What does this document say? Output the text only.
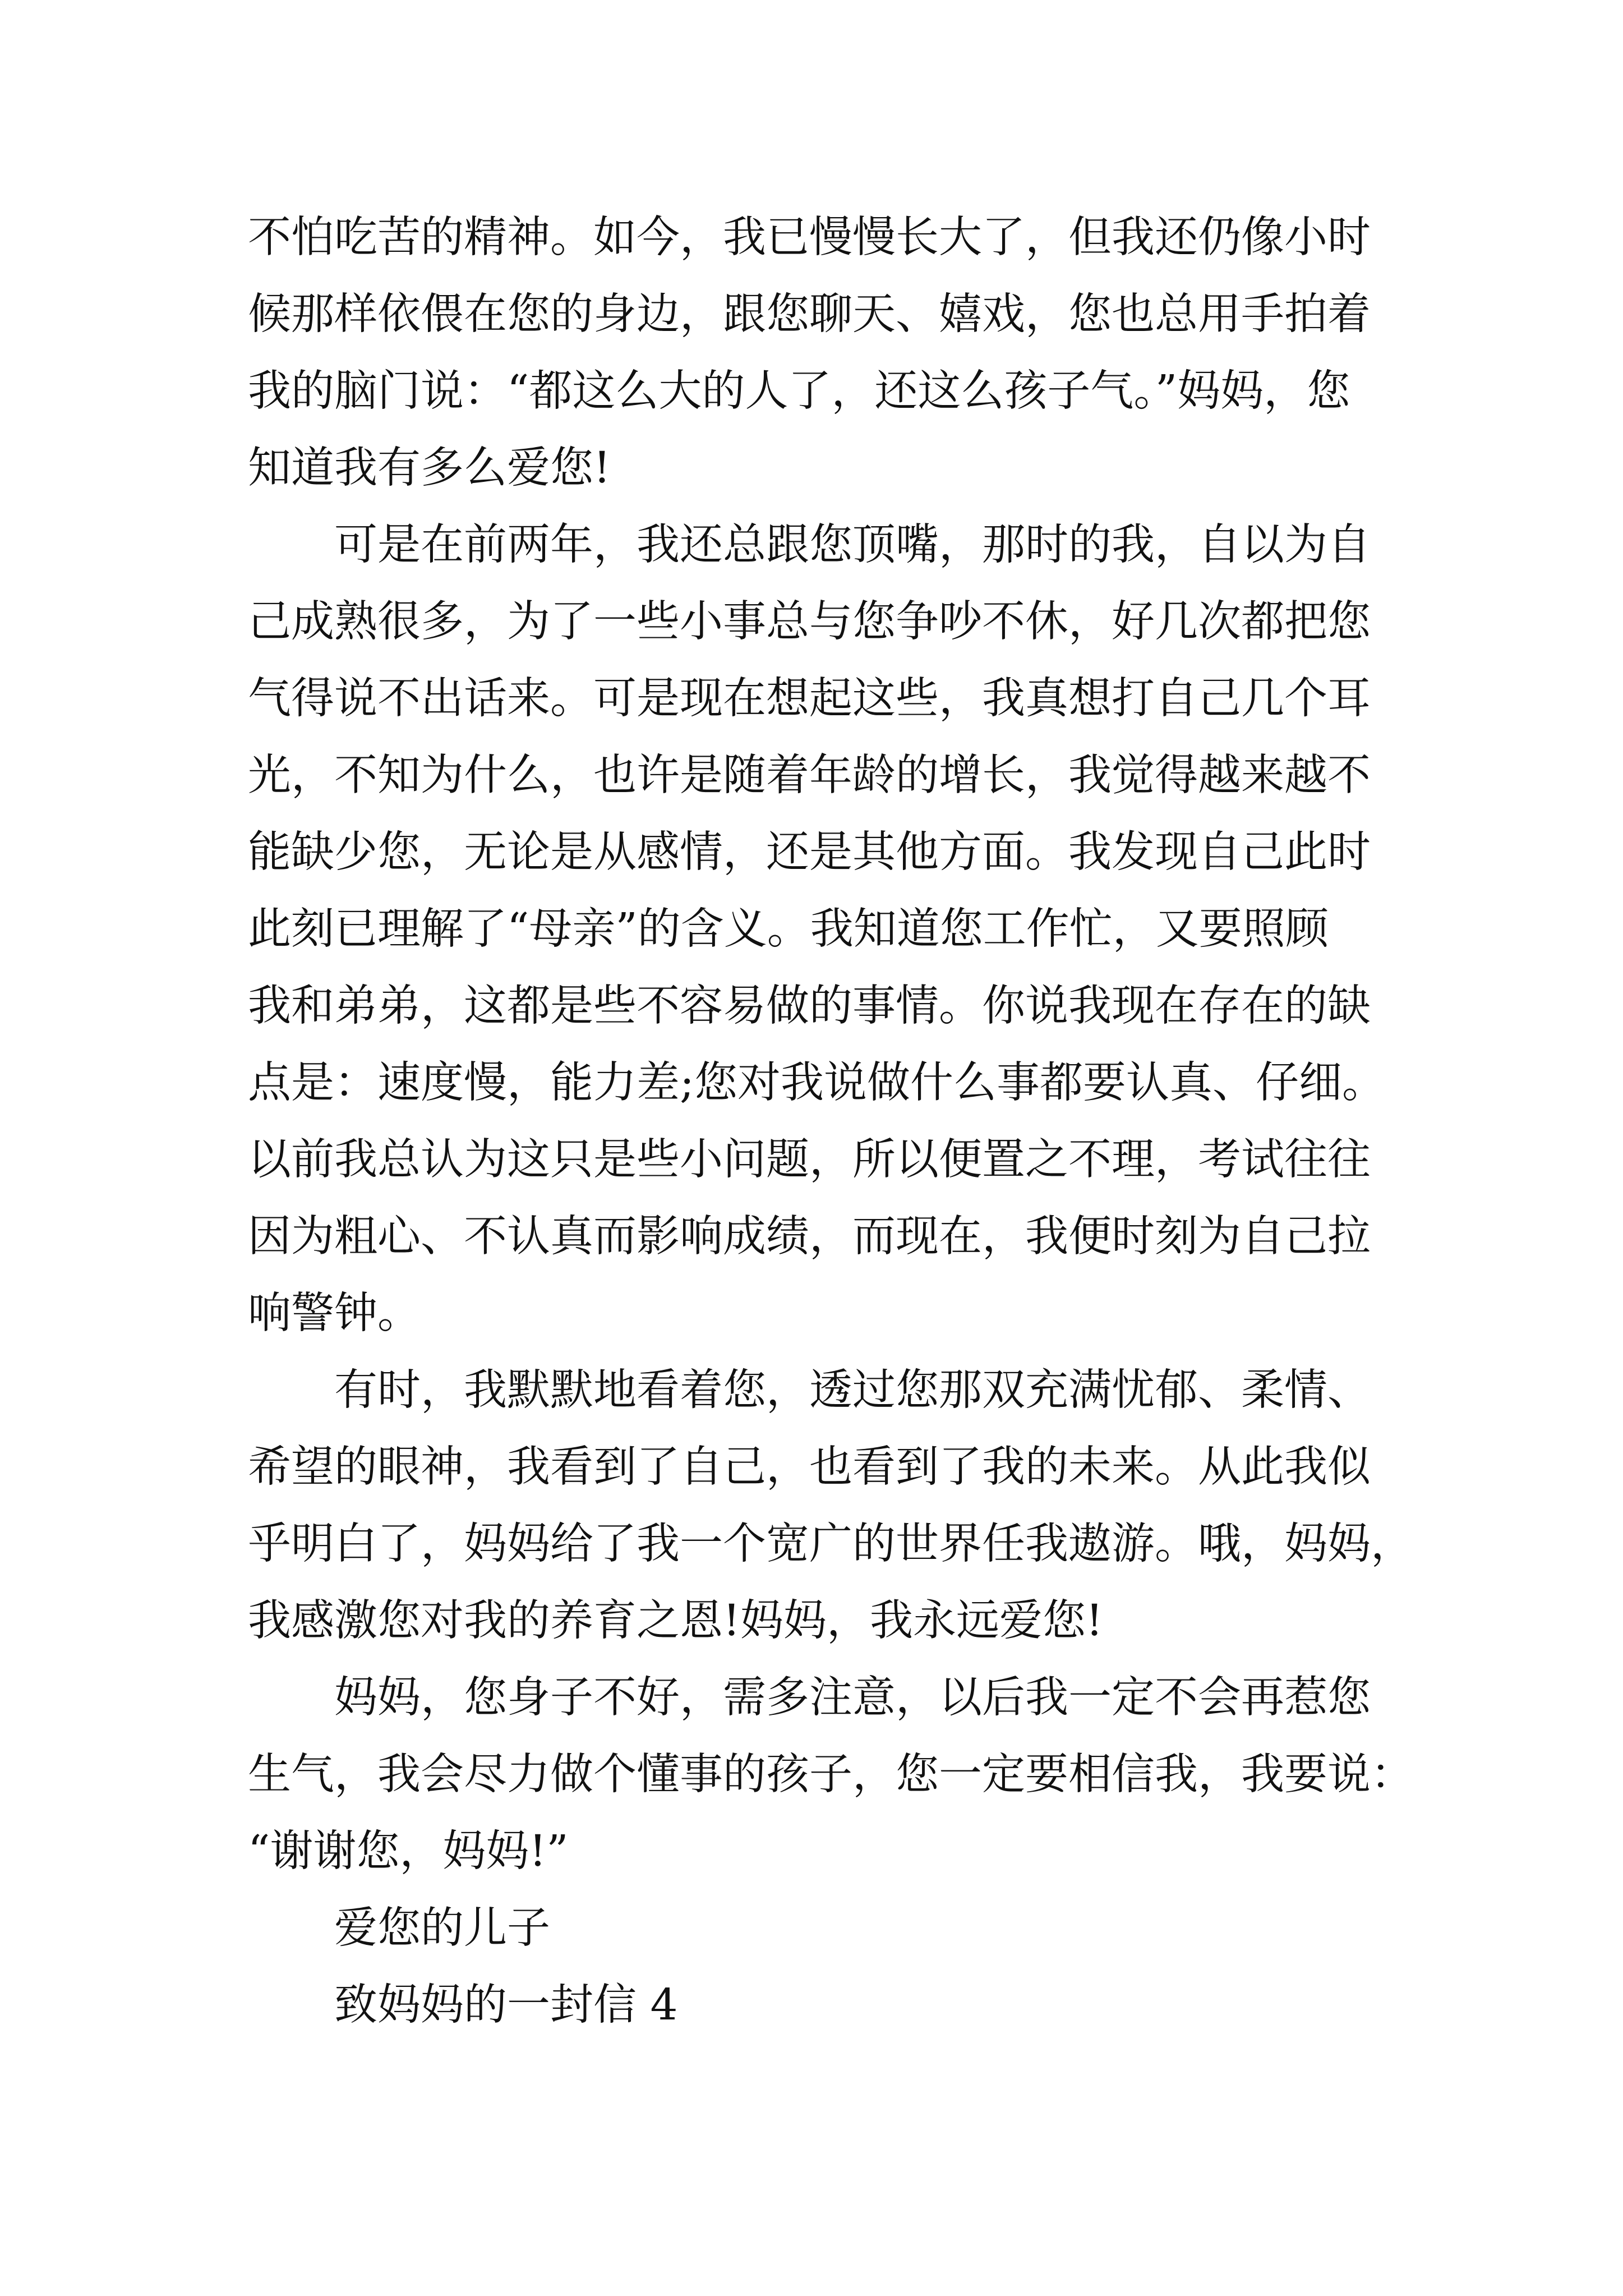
不怕吃苦的精神。如今，我已慢慢长大了，但我还仍像小时
候那样依偎在您的身边，跟您聊天、嬉戏，您也总用手拍着
我的脑门说：“都这么大的人了，还这么孩子气。”妈妈，您
知道我有多么爱您!
可是在前两年，我还总跟您顶嘴，那时的我，自以为自
己成熟很多，为了一些小事总与您争吵不休，好几次都把您
气得说不出话来。可是现在想起这些，我真想打自己几个耳
光，不知为什么，也许是随着年龄的增长，我觉得越来越不
能缺少您，无论是从感情，还是其他方面。我发现自己此时
此刻已理解了“母亲”的含义。我知道您工作忙，又要照顾
我和弟弟，这都是些不容易做的事情。你说我现在存在的缺
点是：速度慢，能力差;您对我说做什么事都要认真、仔细。
以前我总认为这只是些小问题，所以便置之不理，考试往往
因为粗心、不认真而影响成绩，而现在，我便时刻为自己拉
响警钟。
有时，我默默地看着您，透过您那双充满忧郁、柔情、
希望的眼神，我看到了自己，也看到了我的未来。从此我似
乎明白了，妈妈给了我一个宽广的世界任我遨游。哦，妈妈，
我感激您对我的养育之恩!妈妈，我永远爱您!
妈妈，您身子不好，需多注意，以后我一定不会再惹您
生气，我会尽力做个懂事的孩子，您一定要相信我，我要说：
“谢谢您，妈妈!”
爱您的儿子
致妈妈的一封信 4
